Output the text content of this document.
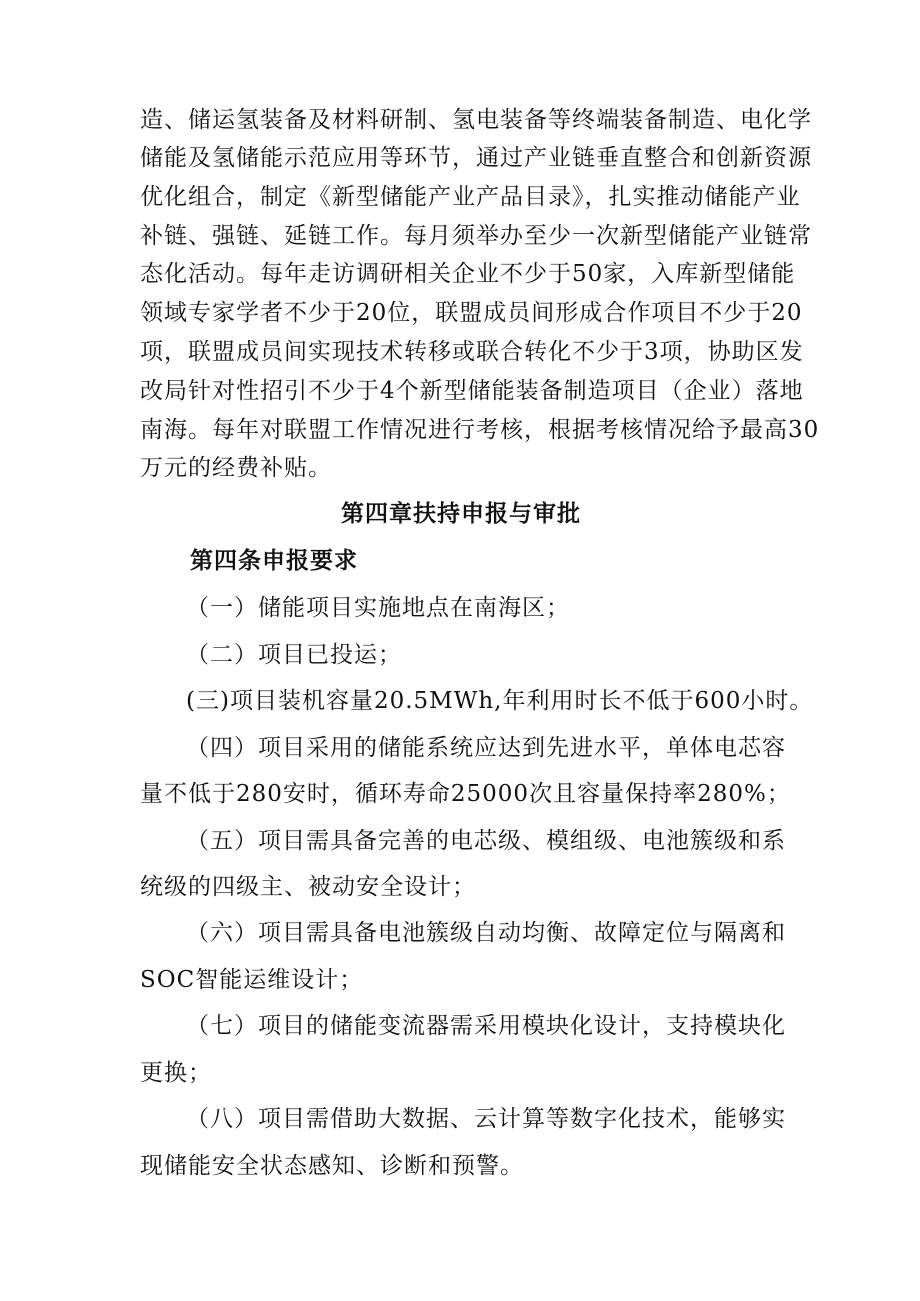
造、储运氢装备及材料研制、氢电装备等终端装备制造、电化学
储能及氢储能示范应用等环节，通过产业链垂直整合和创新资源
优化组合，制定《新型储能产业产品目录》，扎实推动储能产业
补链、强链、延链工作。每月须举办至少一次新型储能产业链常
态化活动。每年走访调研相关企业不少于50家，入库新型储能
领域专家学者不少于20位，联盟成员间形成合作项目不少于20
项，联盟成员间实现技术转移或联合转化不少于3项，协助区发
改局针对性招引不少于4个新型储能装备制造项目（企业）落地
南海。每年对联盟工作情况进行考核，根据考核情况给予最高30
万元的经费补贴。
第四章扶持申报与审批
第四条申报要求
（一）储能项目实施地点在南海区；
（二）项目已投运；
(三)项目装机容量20.5MWh,年利用时长不低于600小时。
（四）项目采用的储能系统应达到先进水平，单体电芯容
量不低于280安时，循环寿命25000次且容量保持率280%；
（五）项目需具备完善的电芯级、模组级、电池簇级和系
统级的四级主、被动安全设计；
（六）项目需具备电池簇级自动均衡、故障定位与隔离和
SOC智能运维设计；
（七）项目的储能变流器需采用模块化设计，支持模块化
更换；
（八）项目需借助大数据、云计算等数字化技术，能够实
现储能安全状态感知、诊断和预警。
